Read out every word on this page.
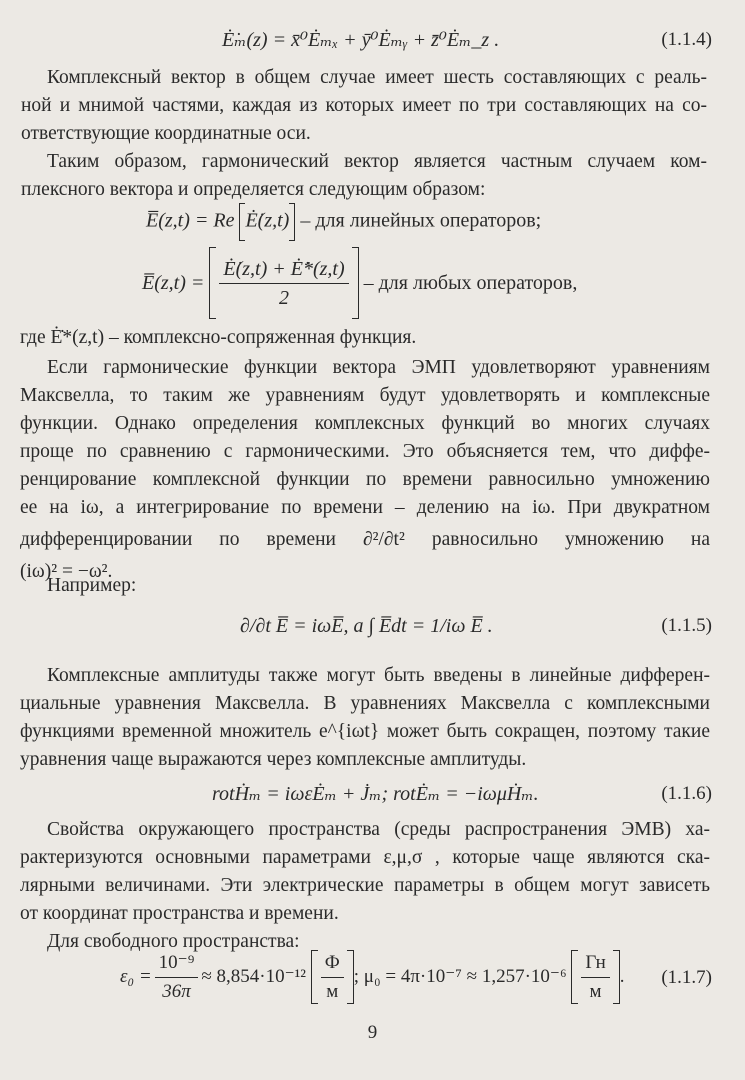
Ė̇ₘ(z) = x̄⁰Ėₘₓ + ȳ⁰Ėₘᵧ + z̄⁰Ėₘ_z .	(1.1.4)
Комплексный вектор в общем случае имеет шесть составляющих с реаль-
ной и мнимой частями, каждая из которых имеет по три составляющих на со-
ответствующие координатные оси.
Таким образом, гармонический вектор является частным случаем ком-
плексного вектора и определяется следующим образом:
E̅(z,t) = Re Ė̇(z,t) – для линейных операторов;
E̅(z,t) = $\frac{Ė̇(z,t) + Ė̇*(z,t)}{2}$ – для любых операторов,
где Ė̇*(z,t) – комплексно-сопряженная функция.
Если гармонические функции вектора ЭМП удовлетворяют уравнениям
Максвелла, то таким же уравнениям будут удовлетворять и комплексные
функции. Однако определения комплексных функций во многих случаях
проще по сравнению с гармоническими. Это объясняется тем, что диффе-
ренцирование комплексной функции по времени равносильно умножению
ее на iω, а интегрирование по времени – делению на iω. При двукратном
дифференцировании по времени ∂²/∂t² равносильно умножению на
(iω)² = −ω².
Например:
∂/∂t E̅ = iωE̅, а ∫ E̅dt = 1/iω E̅ .	(1.1.5)
Комплексные амплитуды также могут быть введены в линейные дифферен-
циальные уравнения Максвелла. В уравнениях Максвелла с комплексными
функциями временной множитель e^{iωt} может быть сокращен, поэтому такие
уравнения чаще выражаются через комплексные амплитуды.
rotḢₘ = iωεĖₘ + J̇ₘ; rotĖₘ = −iωμḢₘ.	(1.1.6)
Свойства окружающего пространства (среды распространения ЭМВ) ха-
рактеризуются основными параметрами ε,μ,σ , которые чаще являются ска-
лярными величинами. Эти электрические параметры в общем могут зависеть
от координат пространства и времени.
Для свободного пространства:
$\varepsilon_0 = \frac{\text{10⁻⁹}}{36\pi} \approx 8,854\cdot 10^{-12} \frac{Ф}{м}$ ; $\mu_0 = 4\pi\cdot 10^{-7} \approx 1,257\cdot 10^{-6} \frac{Гн}{м}$ . (1.1.7)
9
